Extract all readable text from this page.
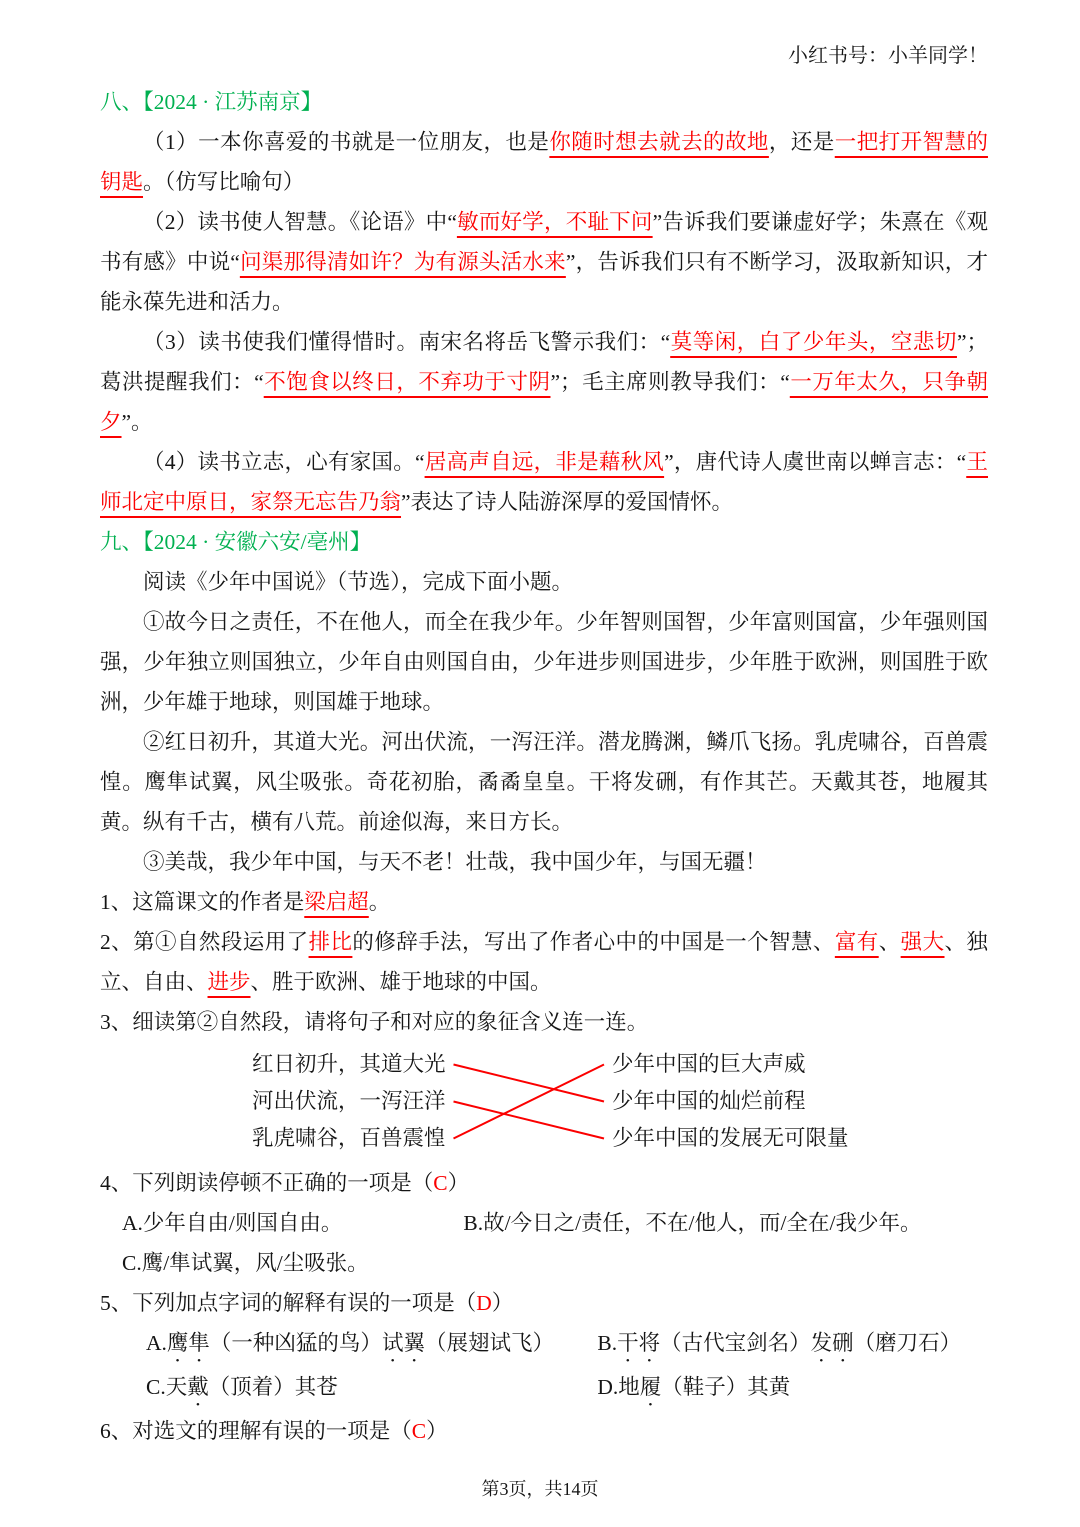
小红书号：小羊同学！
八、【2024 · 江苏南京】

（1）一本你喜爱的书就是一位朋友，也是你随时想去就去的故地，还是一把打开智慧的钥匙。（仿写比喻句）

（2）读书使人智慧。《论语》中“敏而好学，不耻下问”告诉我们要谦虚好学；朱熹在《观书有感》中说“问渠那得清如许？为有源头活水来”，告诉我们只有不断学习，汲取新知识，才能永葆先进和活力。

（3）读书使我们懂得惜时。南宋名将岳飞警示我们：“莫等闲，白了少年头，空悲切”；葛洪提醒我们：“不饱食以终日，不弃功于寸阴”；毛主席则教导我们：“一万年太久，只争朝夕”。

（4）读书立志，心有家国。“居高声自远，非是藉秋风”，唐代诗人虞世南以蝉言志：“王师北定中原日，家祭无忘告乃翁”表达了诗人陆游深厚的爱国情怀。

九、【2024 · 安徽六安/亳州】

阅读《少年中国说》（节选），完成下面小题。

①故今日之责任，不在他人，而全在我少年。少年智则国智，少年富则国富，少年强则国强，少年独立则国独立，少年自由则国自由，少年进步则国进步，少年胜于欧洲，则国胜于欧洲，少年雄于地球，则国雄于地球。

②红日初升，其道大光。河出伏流，一泻汪洋。潜龙腾渊，鳞爪飞扬。乳虎啸谷，百兽震惶。鹰隼试翼，风尘吸张。奇花初胎，矞矞皇皇。干将发硎，有作其芒。天戴其苍，地履其黄。纵有千古，横有八荒。前途似海，来日方长。

③美哉，我少年中国，与天不老！壮哉，我中国少年，与国无疆！

1、这篇课文的作者是梁启超。

2、第①自然段运用了排比的修辞手法，写出了作者心中的中国是一个智慧、富有、强大、独立、自由、进步、胜于欧洲、雄于地球的中国。

3、细读第②自然段，请将句子和对应的象征含义连一连。

红日初升，其道大光
河出伏流，一泻汪洋
乳虎啸谷，百兽震惶
少年中国的巨大声威
少年中国的灿烂前程
少年中国的发展无可限量

4、下列朗读停顿不正确的一项是（C）

A.少年自由/则国自由。	B.故/今日之/责任，不在/他人，而/全在/我少年。
C.鹰/隼试翼，风/尘吸张。

5、下列加点字词的解释有误的一项是（D）

A.鹰隼（一种凶猛的鸟）试翼（展翅试飞） B.干将（古代宝剑名）发硎（磨刀石）
C.天戴（顶着）其苍	D.地履（鞋子）其黄

6、对选文的理解有误的一项是（C）

第3页，共14页
